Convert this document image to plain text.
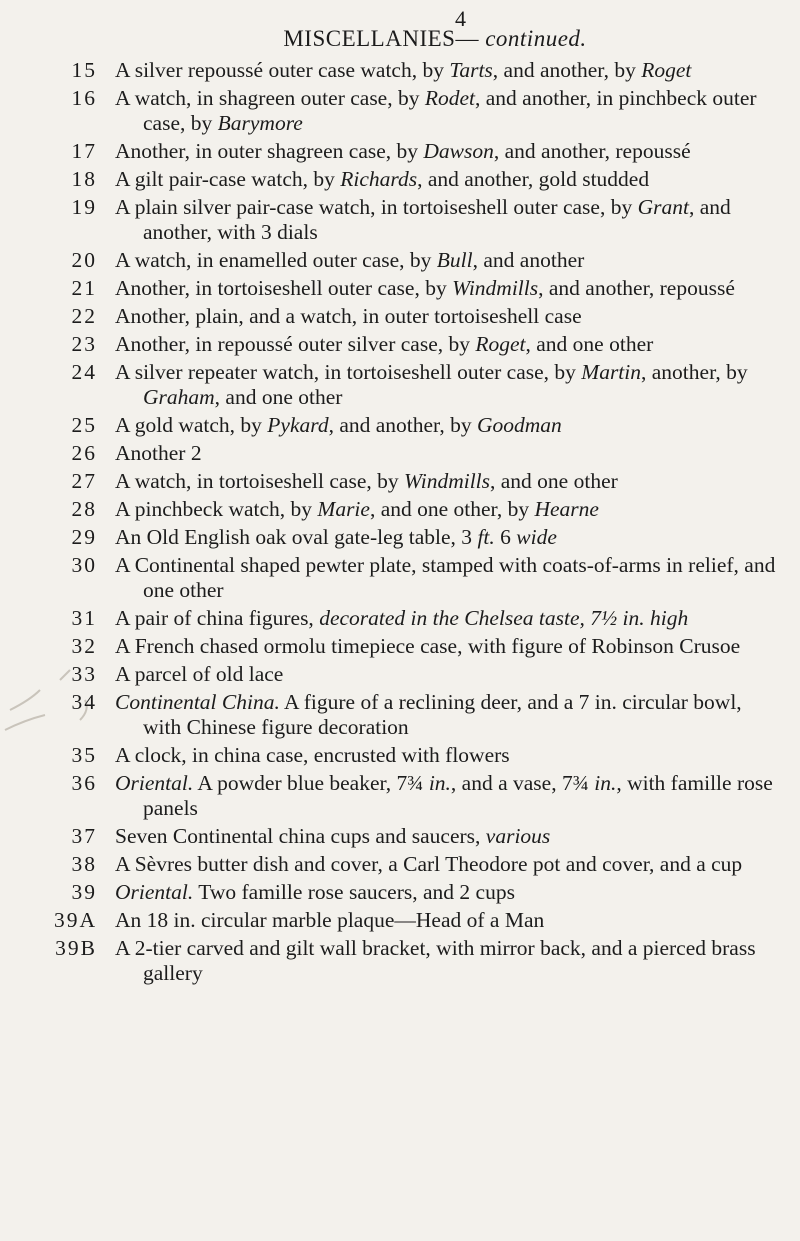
4
MISCELLANIES— continued.
15 A silver repoussé outer case watch, by Tarts, and another, by Roget
16 A watch, in shagreen outer case, by Rodet, and another, in pinchbeck outer case, by Barymore
17 Another, in outer shagreen case, by Dawson, and another, repoussé
18 A gilt pair-case watch, by Richards, and another, gold studded
19 A plain silver pair-case watch, in tortoiseshell outer case, by Grant, and another, with 3 dials
20 A watch, in enamelled outer case, by Bull, and another
21 Another, in tortoiseshell outer case, by Windmills, and another, repoussé
22 Another, plain, and a watch, in outer tortoiseshell case
23 Another, in repoussé outer silver case, by Roget, and one other
24 A silver repeater watch, in tortoiseshell outer case, by Martin, another, by Graham, and one other
25 A gold watch, by Pykard, and another, by Goodman
26 Another 2
27 A watch, in tortoiseshell case, by Windmills, and one other
28 A pinchbeck watch, by Marie, and one other, by Hearne
29 An Old English oak oval gate-leg table, 3 ft. 6 wide
30 A Continental shaped pewter plate, stamped with coats-of-arms in relief, and one other
31 A pair of china figures, decorated in the Chelsea taste, 7½ in. high
32 A French chased ormolu timepiece case, with figure of Robinson Crusoe
33 A parcel of old lace
34 Continental China. A figure of a reclining deer, and a 7 in. circular bowl, with Chinese figure decoration
35 A clock, in china case, encrusted with flowers
36 Oriental. A powder blue beaker, 7¾ in., and a vase, 7¾ in., with famille rose panels
37 Seven Continental china cups and saucers, various
38 A Sèvres butter dish and cover, a Carl Theodore pot and cover, and a cup
39 Oriental. Two famille rose saucers, and 2 cups
39A An 18 in. circular marble plaque—Head of a Man
39B A 2-tier carved and gilt wall bracket, with mirror back, and a pierced brass gallery
